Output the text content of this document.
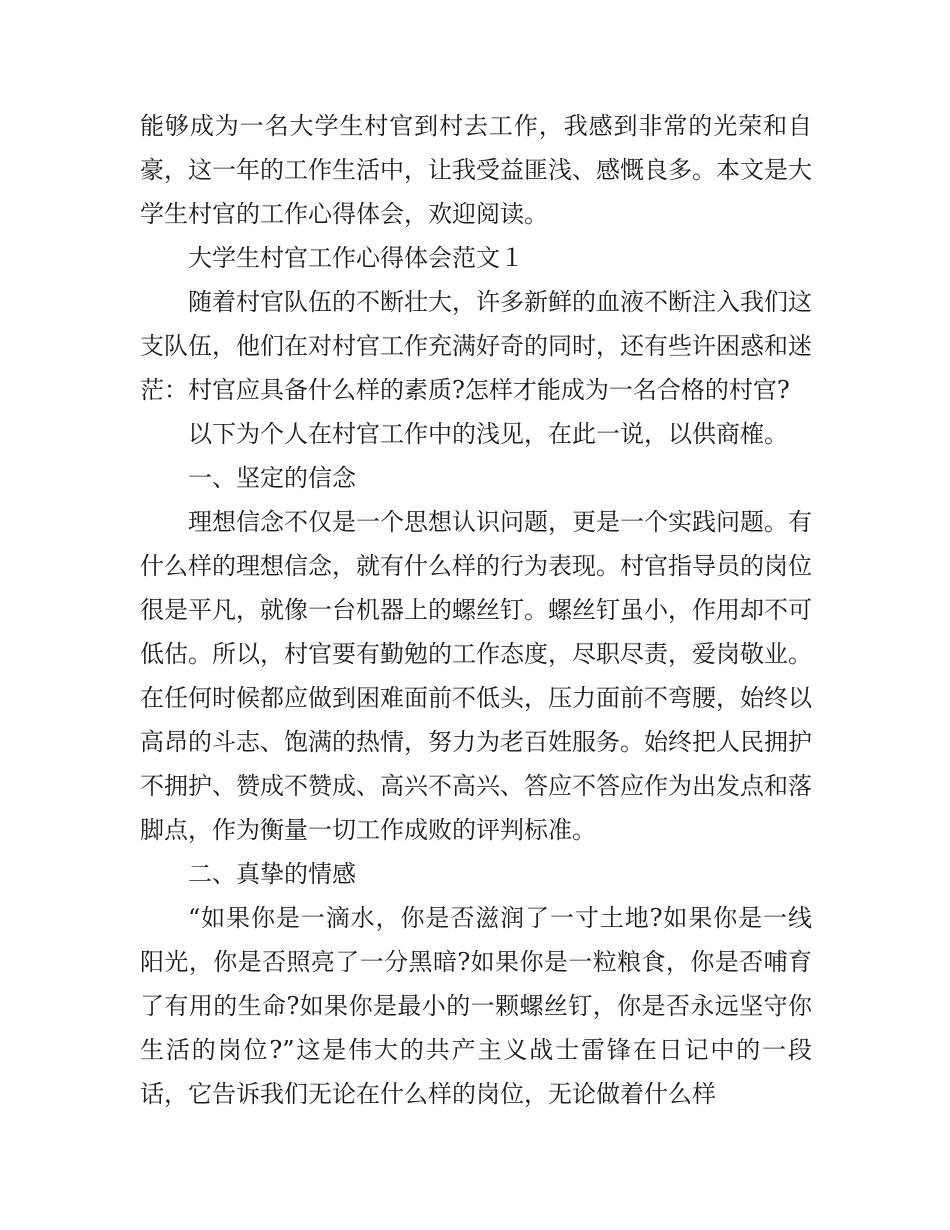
能够成为一名大学生村官到村去工作，我感到非常的光荣和自豪，这一年的工作生活中，让我受益匪浅、感慨良多。本文是大学生村官的工作心得体会，欢迎阅读。

大学生村官工作心得体会范文１

随着村官队伍的不断壮大，许多新鲜的血液不断注入我们这支队伍，他们在对村官工作充满好奇的同时，还有些许困惑和迷茫：村官应具备什么样的素质?怎样才能成为一名合格的村官?

以下为个人在村官工作中的浅见，在此一说，以供商榷。

一、坚定的信念

理想信念不仅是一个思想认识问题，更是一个实践问题。有什么样的理想信念，就有什么样的行为表现。村官指导员的岗位很是平凡，就像一台机器上的螺丝钉。螺丝钉虽小，作用却不可低估。所以，村官要有勤勉的工作态度，尽职尽责，爱岗敬业。在任何时候都应做到困难面前不低头，压力面前不弯腰，始终以高昂的斗志、饱满的热情，努力为老百姓服务。始终把人民拥护不拥护、赞成不赞成、高兴不高兴、答应不答应作为出发点和落脚点，作为衡量一切工作成败的评判标准。

二、真挚的情感

“如果你是一滴水，你是否滋润了一寸土地?如果你是一线阳光，你是否照亮了一分黑暗?如果你是一粒粮食，你是否哺育了有用的生命?如果你是最小的一颗螺丝钉，你是否永远坚守你生活的岗位?”这是伟大的共产主义战士雷锋在日记中的一段话，它告诉我们无论在什么样的岗位，无论做着什么样
